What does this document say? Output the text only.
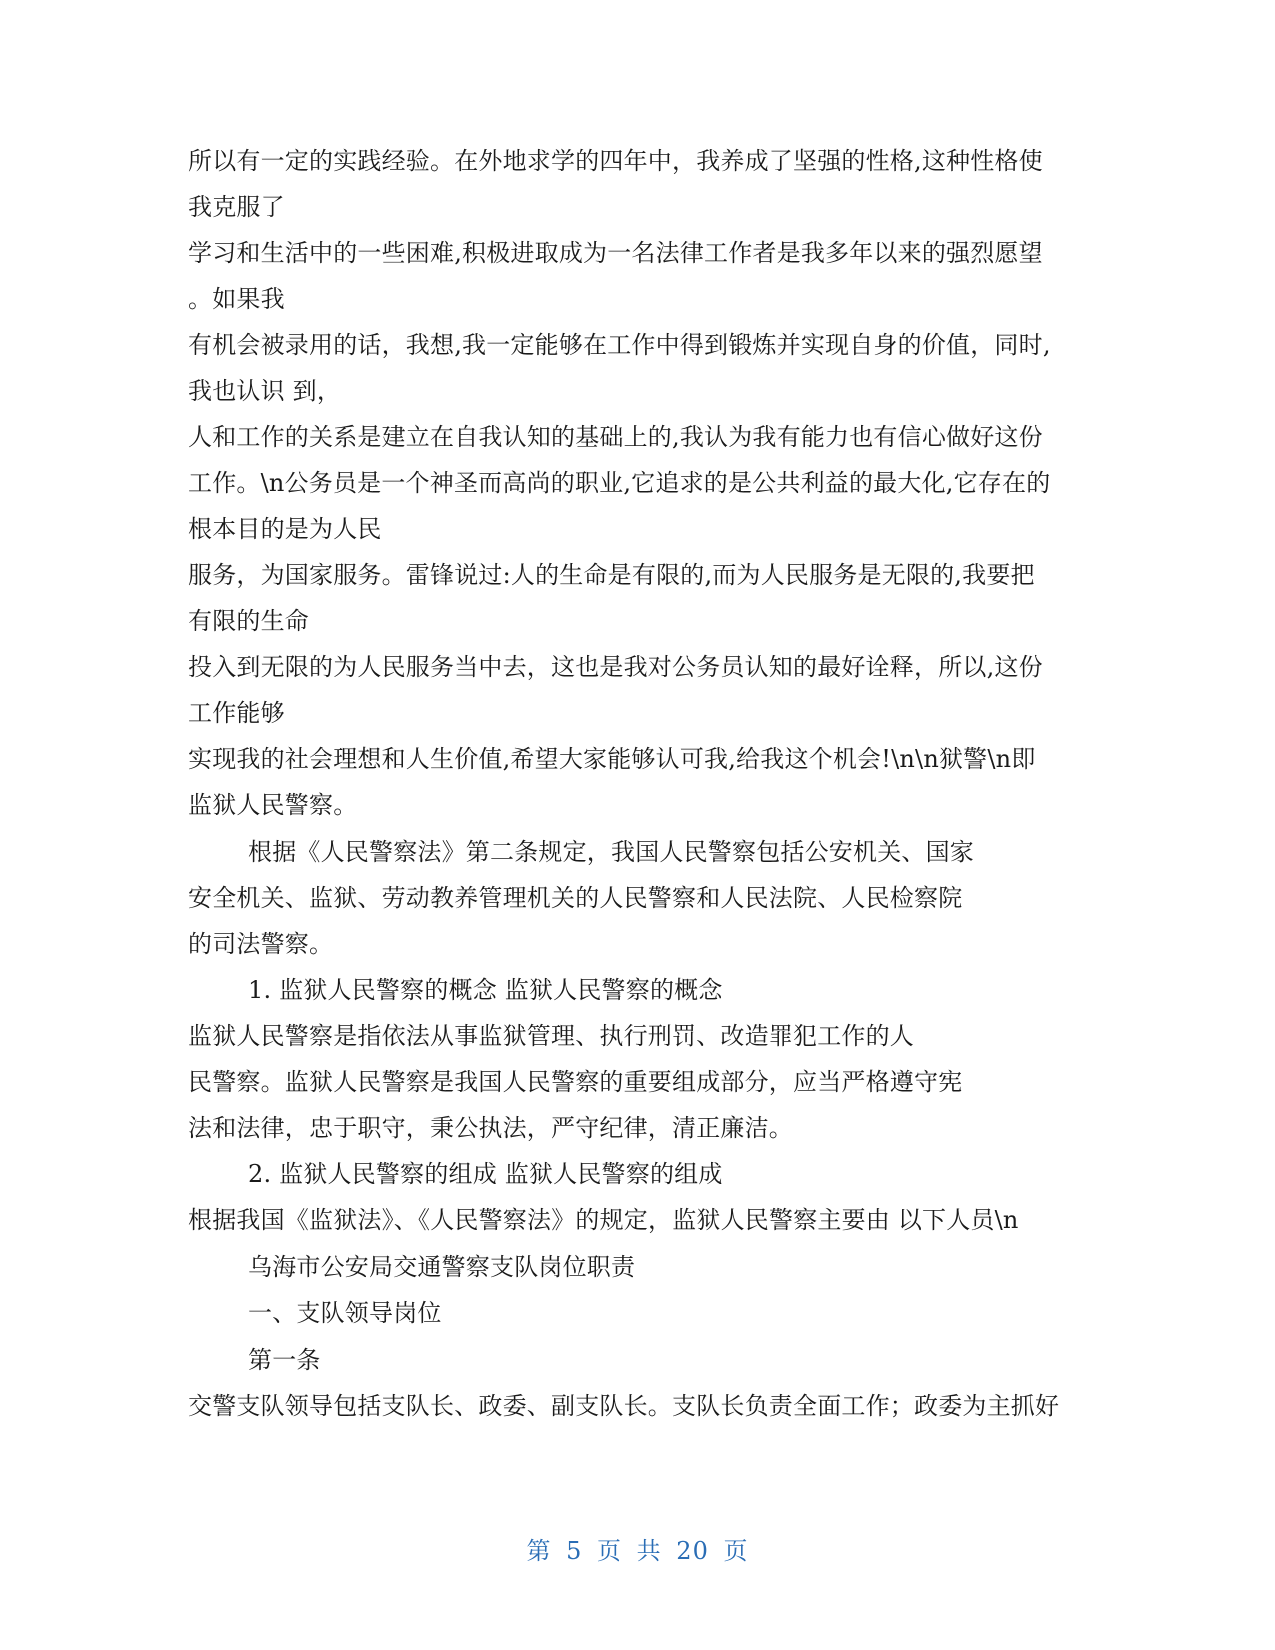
所以有一定的实践经验。在外地求学的四年中，我养成了坚强的性格,这种性格使
我克服了
学习和生活中的一些困难,积极进取成为一名法律工作者是我多年以来的强烈愿望
。如果我
有机会被录用的话，我想,我一定能够在工作中得到锻炼并实现自身的价值，同时,
我也认识 到，
人和工作的关系是建立在自我认知的基础上的,我认为我有能力也有信心做好这份
工作。\n公务员是一个神圣而高尚的职业,它追求的是公共利益的最大化,它存在的
根本目的是为人民
服务，为国家服务。雷锋说过:人的生命是有限的,而为人民服务是无限的,我要把
有限的生命
投入到无限的为人民服务当中去，这也是我对公务员认知的最好诠释，所以,这份
工作能够
实现我的社会理想和人生价值,希望大家能够认可我,给我这个机会!\n\n狱警\n即
监狱人民警察。
根据《人民警察法》第二条规定，我国人民警察包括公安机关、国家
安全机关、监狱、劳动教养管理机关的人民警察和人民法院、人民检察院
的司法警察。
1. 监狱人民警察的概念 监狱人民警察的概念
监狱人民警察是指依法从事监狱管理、执行刑罚、改造罪犯工作的人
民警察。监狱人民警察是我国人民警察的重要组成部分，应当严格遵守宪
法和法律，忠于职守，秉公执法，严守纪律，清正廉洁。
2. 监狱人民警察的组成 监狱人民警察的组成
根据我国《监狱法》、《人民警察法》的规定，监狱人民警察主要由 以下人员\n
乌海市公安局交通警察支队岗位职责
一、支队领导岗位
第一条
交警支队领导包括支队长、政委、副支队长。支队长负责全面工作；政委为主抓好
第 5 页 共 20 页
